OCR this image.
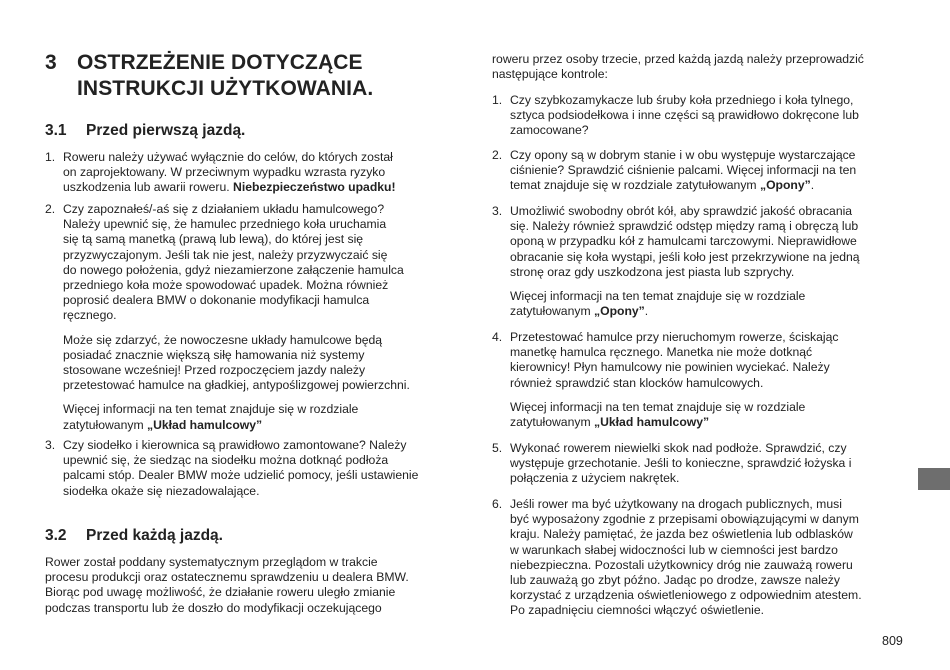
3 OSTRZEŻENIE DOTYCZĄCE
INSTRUKCJI UŻYTKOWANIA.
3.1 Przed pierwszą jazdą.
1. Roweru należy używać wyłącznie do celów, do których został
on zaprojektowany. W przeciwnym wypadku wzrasta ryzyko
uszkodzenia lub awarii roweru. Niebezpieczeństwo upadku!
2. Czy zapoznałeś/-aś się z działaniem układu hamulcowego?
Należy upewnić się, że hamulec przedniego koła uruchamia
się tą samą manetką (prawą lub lewą), do której jest się
przyzwyczajonym. Jeśli tak nie jest, należy przyzwyczaić się
do nowego położenia, gdyż niezamierzone załączenie hamulca
przedniego koła może spowodować upadek. Można również
poprosić dealera BMW o dokonanie modyfikacji hamulca
ręcznego.
Może się zdarzyć, że nowoczesne układy hamulcowe będą
posiadać znacznie większą siłę hamowania niż systemy
stosowane wcześniej! Przed rozpoczęciem jazdy należy
przetestować hamulce na gładkiej, antypoślizgowej powierzchni.
Więcej informacji na ten temat znajduje się w rozdziale
zatytułowanym „Układ hamulcowy”
3. Czy siodełko i kierownica są prawidłowo zamontowane? Należy
upewnić się, że siedząc na siodełku można dotknąć podłoża
palcami stóp. Dealer BMW może udzielić pomocy, jeśli ustawienie
siodełka okaże się niezadowalające.
3.2 Przed każdą jazdą.
Rower został poddany systematycznym przeglądom w trakcie
procesu produkcji oraz ostatecznemu sprawdzeniu u dealera BMW.
Biorąc pod uwagę możliwość, że działanie roweru uległo zmianie
podczas transportu lub że doszło do modyfikacji oczekującego
roweru przez osoby trzecie, przed każdą jazdą należy przeprowadzić
następujące kontrole:
1. Czy szybkozamykacze lub śruby koła przedniego i koła tylnego,
sztyca podsiodełkowa i inne części są prawidłowo dokręcone lub
zamocowane?
2. Czy opony są w dobrym stanie i w obu występuje wystarczające
ciśnienie? Sprawdzić ciśnienie palcami. Więcej informacji na ten
temat znajduje się w rozdziale zatytułowanym „Opony”.
3. Umożliwić swobodny obrót kół, aby sprawdzić jakość obracania
się. Należy również sprawdzić odstęp między ramą i obręczą lub
oponą w przypadku kół z hamulcami tarczowymi. Nieprawidłowe
obracanie się koła wystąpi, jeśli koło jest przekrzywione na jedną
stronę oraz gdy uszkodzona jest piasta lub szprychy.
Więcej informacji na ten temat znajduje się w rozdziale
zatytułowanym „Opony”.
4. Przetestować hamulce przy nieruchomym rowerze, ściskając
manetkę hamulca ręcznego. Manetka nie może dotknąć
kierownicy! Płyn hamulcowy nie powinien wyciekać. Należy
również sprawdzić stan klocków hamulcowych.
Więcej informacji na ten temat znajduje się w rozdziale
zatytułowanym „Układ hamulcowy”
5. Wykonać rowerem niewielki skok nad podłoże. Sprawdzić, czy
występuje grzechotanie. Jeśli to konieczne, sprawdzić łożyska i
połączenia z użyciem nakrętek.
6. Jeśli rower ma być użytkowany na drogach publicznych, musi
być wyposażony zgodnie z przepisami obowiązującymi w danym
kraju. Należy pamiętać, że jazda bez oświetlenia lub odblasków
w warunkach słabej widoczności lub w ciemności jest bardzo
niebezpieczna. Pozostali użytkownicy dróg nie zauważą roweru
lub zauważą go zbyt późno. Jadąc po drodze, zawsze należy
korzystać z urządzenia oświetleniowego z odpowiednim atestem.
Po zapadnięciu ciemności włączyć oświetlenie.
809
